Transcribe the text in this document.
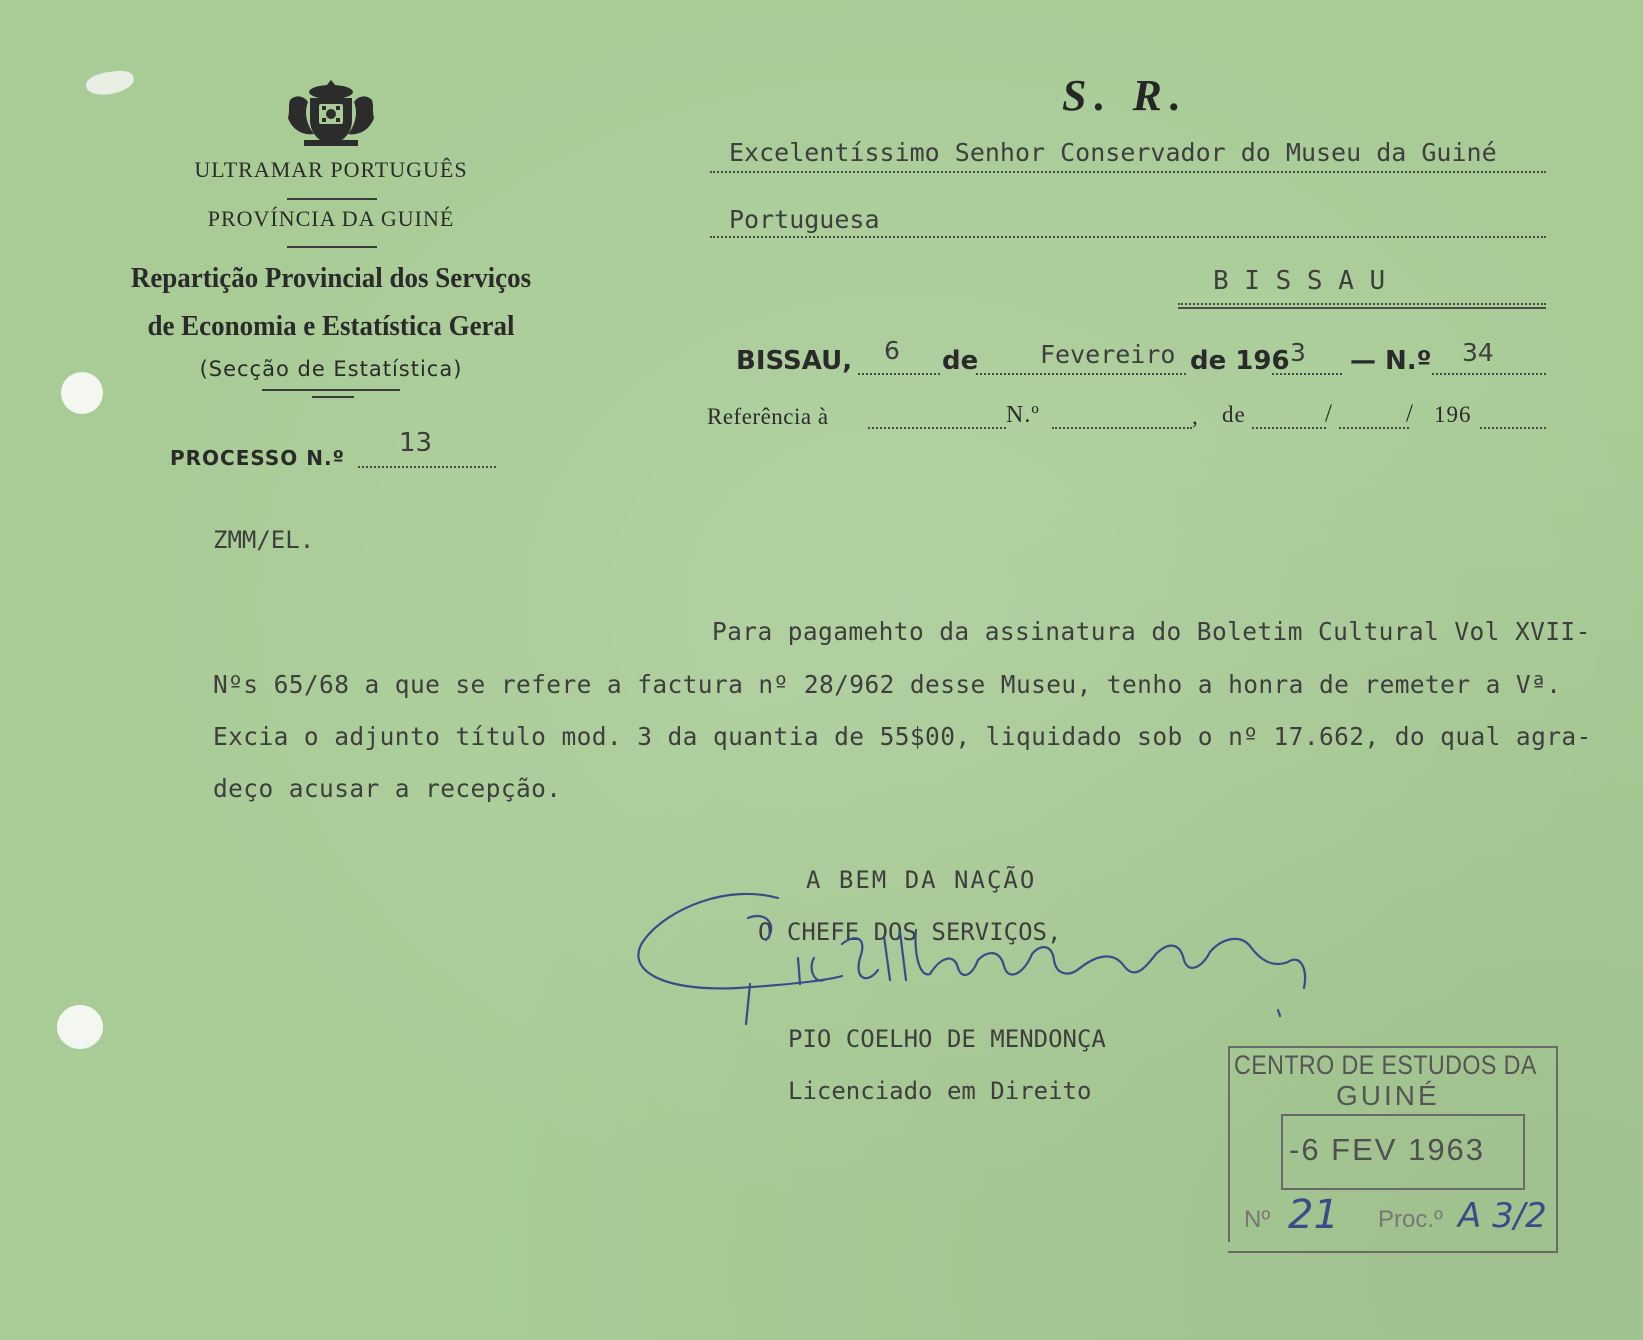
ULTRAMAR PORTUGUÊS
PROVÍNCIA DA GUINÉ
Repartição Provincial dos Serviços
de Economia e Estatística Geral
(Secção de Estatística)
PROCESSO N.º 13
S. R.
Excelentíssimo Senhor Conservador do Museu da Guiné
Portuguesa
B I S S A U
BISSAU, 6 de Fevereiro de 196 3 — N.º 34
Referência à	N.º	, de	/	/ 196
ZMM/EL.
Para pagamehto da assinatura do Boletim Cultural Vol XVII-
Nºs 65/68 a que se refere a factura nº 28/962 desse Museu, tenho a honra de remeter a Vª.
Excia o adjunto título mod. 3 da quantia de 55$00, liquidado sob o nº 17.662, do qual agra-
deço acusar a recepção.
A BEM DA NAÇÃO
O CHEFE DOS SERVIÇOS,
PIO COELHO DE MENDONÇA
Licenciado em Direito
CENTRO DE ESTUDOS DA
GUINÉ
-6 FEV 1963
Nº 21 Proc.º A 3/2
